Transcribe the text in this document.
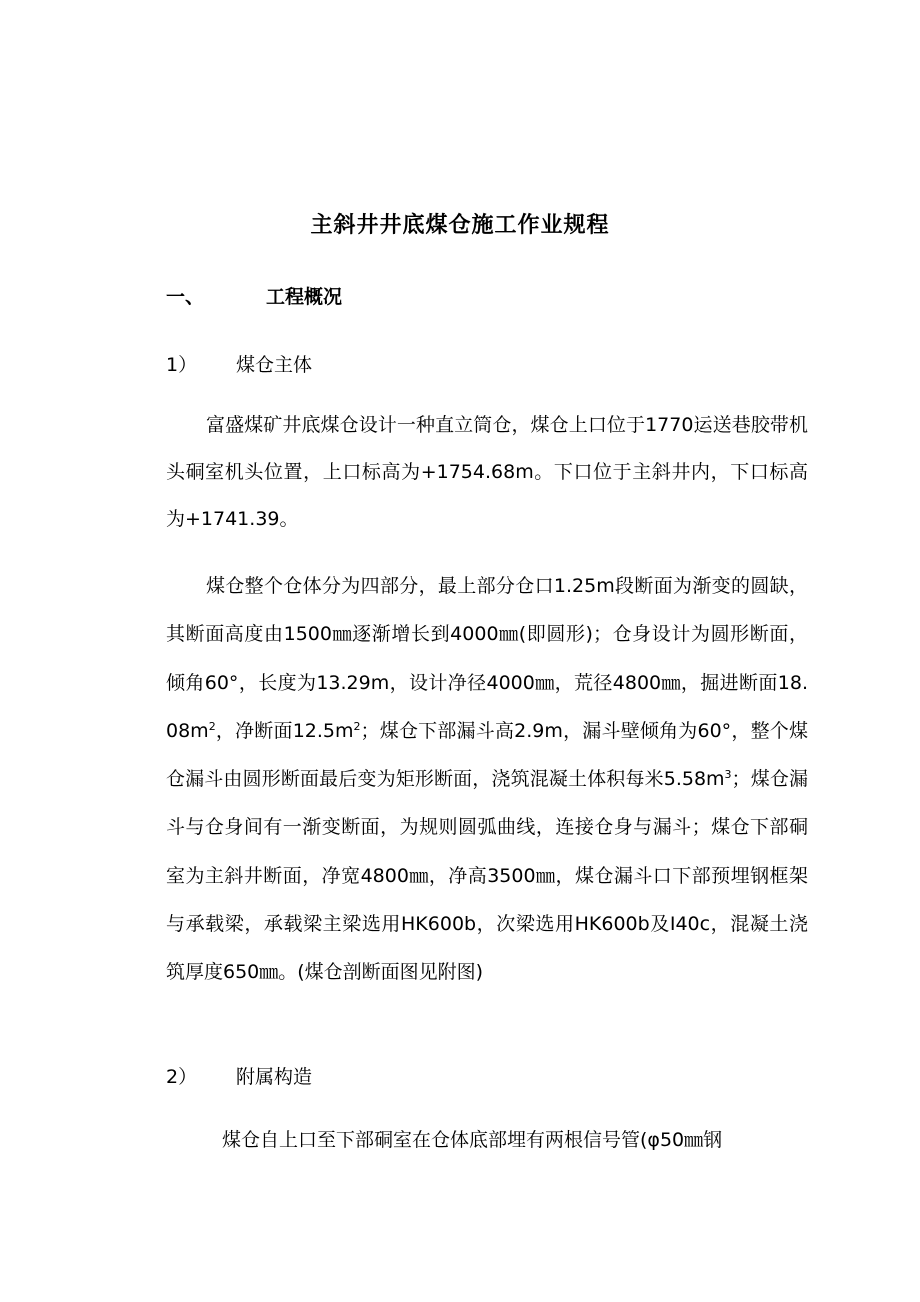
主斜井井底煤仓施工作业规程
一、	工程概况
1） 煤仓主体

富盛煤矿井底煤仓设计一种直立筒仓，煤仓上口位于1770运送巷胶带机头硐室机头位置，上口标高为+1754.68m。下口位于主斜井内，下口标高为+1741.39。

煤仓整个仓体分为四部分，最上部分仓口1.25m段断面为渐变的圆缺，其断面高度由1500㎜逐渐增长到4000㎜(即圆形)；仓身设计为圆形断面，倾角60°，长度为13.29m，设计净径4000㎜，荒径4800㎜，掘进断面$18.08m^2$，净断面$12.5m^2$；煤仓下部漏斗高2.9m，漏斗壁倾角为60°，整个煤仓漏斗由圆形断面最后变为矩形断面，浇筑混凝土体积每米$5.58m^3$；煤仓漏斗与仓身间有一渐变断面，为规则圆弧曲线，连接仓身与漏斗；煤仓下部硐室为主斜井断面，净宽4800㎜，净高3500㎜，煤仓漏斗口下部预埋钢框架与承载梁，承载梁主梁选用HK600b，次梁选用HK600b及I40c，混凝土浇筑厚度650㎜。(煤仓剖断面图见附图)

2） 附属构造

煤仓自上口至下部硐室在仓体底部埋有两根信号管(φ50㎜钢
